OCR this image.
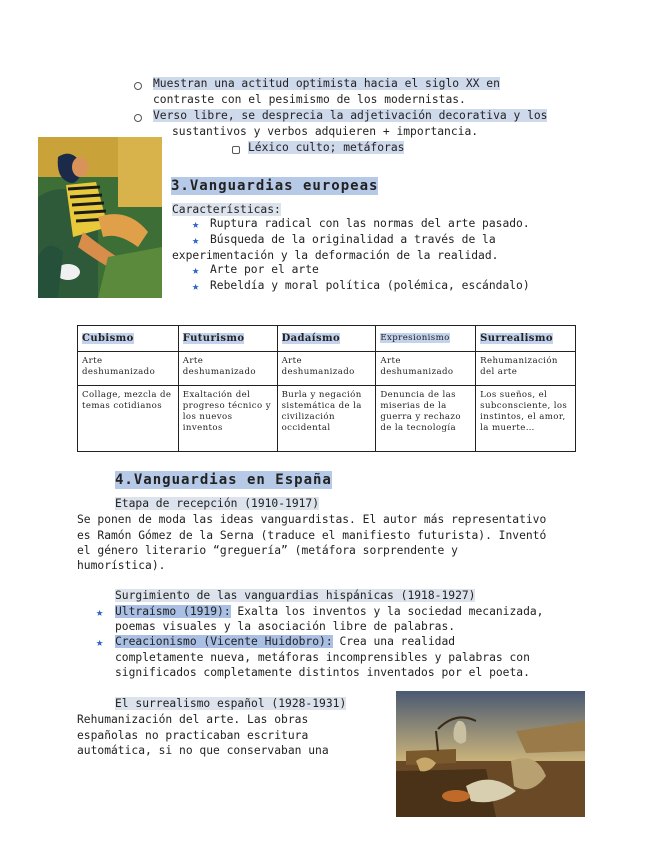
Muestran una actitud optimista hacia el siglo XX en
contraste con el pesimismo de los modernistas.
Verso libre, se desprecia la adjetivación decorativa y los
sustantivos y verbos adquieren + importancia.
Léxico culto; metáforas
3.Vanguardias europeas
Características:
★ Ruptura radical con las normas del arte pasado.
★ Búsqueda de la originalidad a través de la
experimentación y la deformación de la realidad.
★ Arte por el arte
★ Rebeldía y moral política (polémica, escándalo)
Cubismo	Futurismo	Dadaísmo	Expresionismo	Surrealismo
Arte deshumanizado	Arte deshumanizado	Arte deshumanizado	Arte deshumanizado	Rehumanización del arte
Collage, mezcla de temas cotidianos	Exaltación del progreso técnico y los nuevos inventos	Burla y negación sistemática de la civilización occidental	Denuncia de las miserias de la guerra y rechazo de la tecnología	Los sueños, el subconsciente, los instintos, el amor, la muerte…
4.Vanguardias en España
Etapa de recepción (1910-1917)
Se ponen de moda las ideas vanguardistas. El autor más representativo
es Ramón Gómez de la Serna (traduce el manifiesto futurista). Inventó
el género literario “greguería” (metáfora sorprendente y
humorística).
Surgimiento de las vanguardias hispánicas (1918-1927)
★ Ultraísmo (1919): Exalta los inventos y la sociedad mecanizada,
poemas visuales y la asociación libre de palabras.
★ Creacionismo (Vicente Huidobro): Crea una realidad
completamente nueva, metáforas incomprensibles y palabras con
significados completamente distintos inventados por el poeta.
El surrealismo español (1928-1931)
Rehumanización del arte. Las obras
españolas no practicaban escritura
automática, si no que conservaban una
